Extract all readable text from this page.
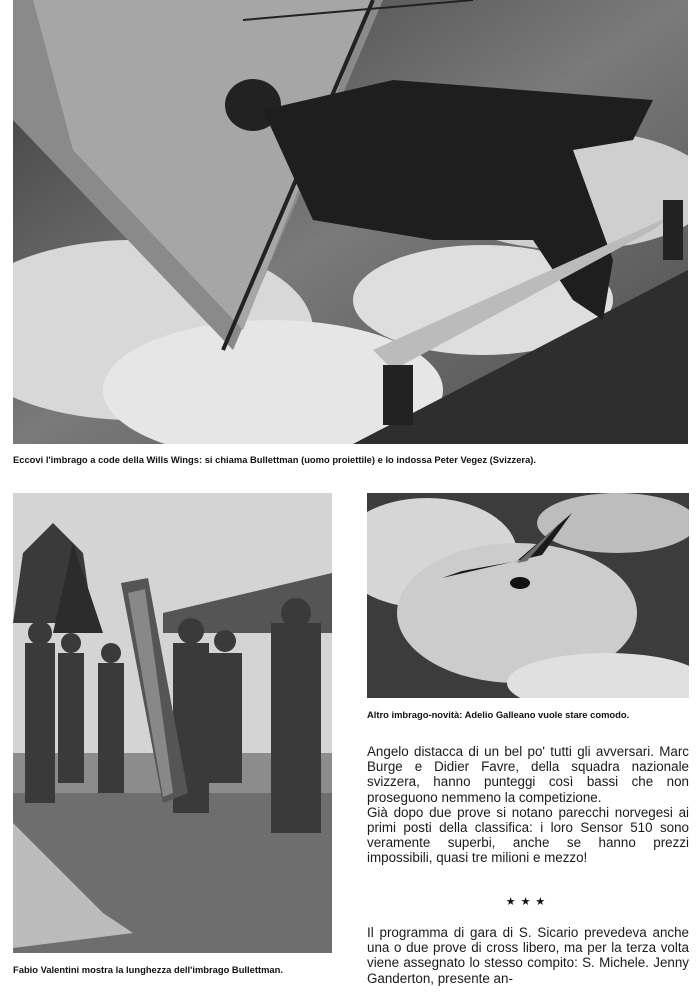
Eccovi l'imbrago a code della Wills Wings: si chiama Bullettman (uomo proiettile) e lo indossa Peter Vegez (Svizzera).
Fabio Valentini mostra la lunghezza dell'imbrago Bullettman.
Altro imbrago-novità: Adelio Galleano vuole stare comodo.

Angelo distacca di un bel po' tutti gli avversari. Marc Burge e Didier Favre, della squadra nazionale svizzera, hanno punteggi così bassi che non proseguono nemmeno la competizione.

Già dopo due prove si notano parecchi norvegesi ai primi posti della classifica: i loro Sensor 510 sono veramente superbi, anche se hanno prezzi impossibili, quasi tre milioni e mezzo!

★★★

Il programma di gara di S. Sicario prevedeva anche una o due prove di cross libero, ma per la terza volta viene assegnato lo stesso compito: S. Michele. Jenny Ganderton, presente an-
